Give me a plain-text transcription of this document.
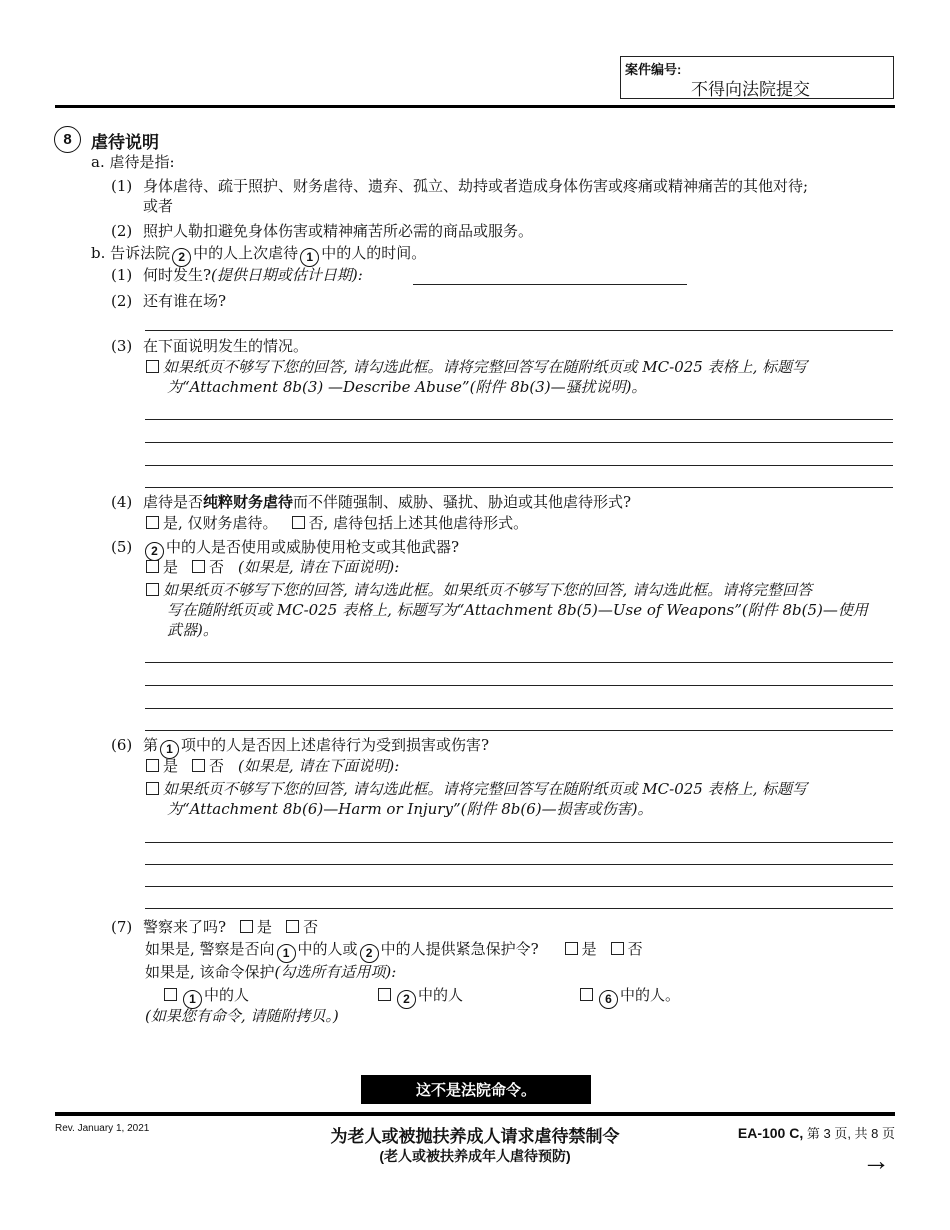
案件编号:
不得向法院提交
8	虐待说明
a. 虐待是指:
(1) 身体虐待、疏于照护、财务虐待、遗弃、孤立、劫持或者造成身体伤害或疼痛或精神痛苦的其他对待;
或者
(2) 照护人勒扣避免身体伤害或精神痛苦所必需的商品或服务。
b. 告诉法院 2 中的人上次虐待 1 中的人的时间。
(1) 何时发生?(提供日期或估计日期):
(2) 还有谁在场?
(3) 在下面说明发生的情况。
如果纸页不够写下您的回答, 请勾选此框。请将完整回答写在随附纸页或 MC-025 表格上, 标题写
为“Attachment 8b(3) —Describe Abuse”(附件 8b(3)—骚扰说明)。
(4) 虐待是否纯粹财务虐待而不伴随强制、威胁、骚扰、胁迫或其他虐待形式?
是, 仅财务虐待。 否, 虐待包括上述其他虐待形式。
(5)	2 中的人是否使用或威胁使用枪支或其他武器?
是 否 (如果是, 请在下面说明):
如果纸页不够写下您的回答, 请勾选此框。如果纸页不够写下您的回答, 请勾选此框。请将完整回答
写在随附纸页或 MC-025 表格上, 标题写为“Attachment 8b(5)—Use of Weapons”(附件 8b(5)—使用
武器)。
(6) 第 1 项中的人是否因上述虐待行为受到损害或伤害?
是 否 (如果是, 请在下面说明):
如果纸页不够写下您的回答, 请勾选此框。请将完整回答写在随附纸页或 MC-025 表格上, 标题写
为“Attachment 8b(6)—Harm or Injury”(附件 8b(6)—损害或伤害)。
(7) 警察来了吗? 是 否
如果是, 警察是否向 1 中的人或 2 中的人提供紧急保护令?	是 否
如果是, 该命令保护(勾选所有适用项):
1 中的人	2 中的人	6 中的人。
(如果您有命令, 请随附拷贝。)
这不是法院命令。
Rev. January 1, 2021	为老人或被抛扶养成人请求虐待禁制令
(老人或被扶养成年人虐待预防)
EA-100 C, 第 3 页, 共 8 页
→
